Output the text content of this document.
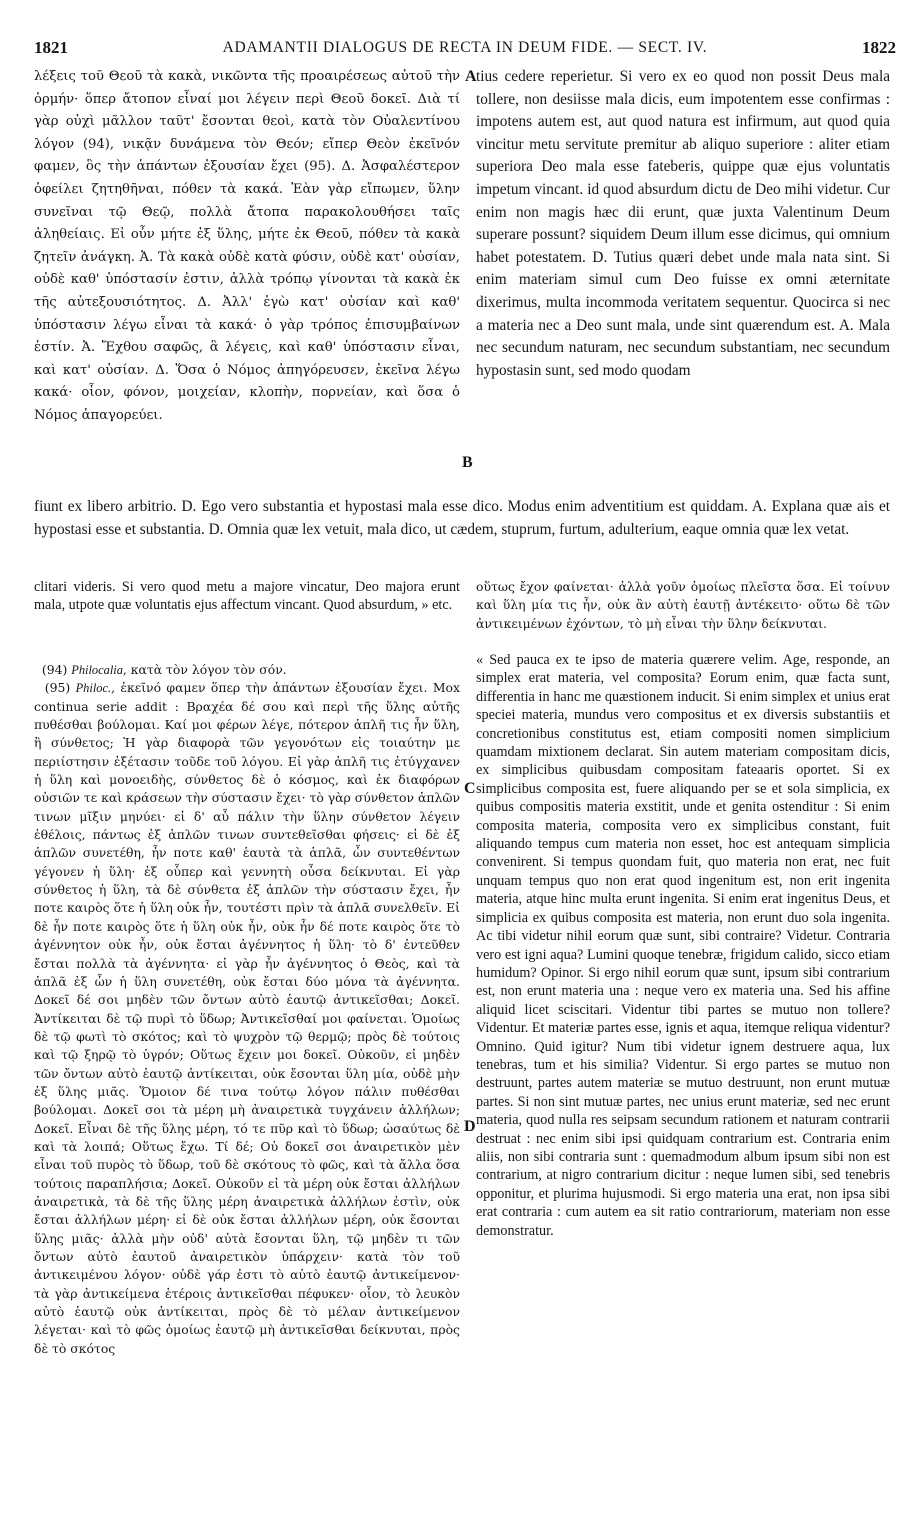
1821	ADAMANTII DIALOGUS DE RECTA IN DEUM FIDE. — SECT. IV.	1822
A
B
C
D
λέξεις τοῦ Θεοῦ τὰ κακὰ, νικῶντα τῆς προαιρέσεως αὐτοῦ τὴν ὁρμήν· ὅπερ ἄτοπον εἶναί μοι λέγειν περὶ Θεοῦ δοκεῖ. Διὰ τί γὰρ οὐχὶ μᾶλλον ταῦτ' ἔσονται θεοὶ, κατὰ τὸν Οὐαλεντίνου λόγον (94), νικᾷν δυνάμενα τὸν Θεόν; εἴπερ Θεὸν ἐκεῖνόν φαμεν, ὃς τὴν ἁπάντων ἐξουσίαν ἔχει (95). Δ. Ἀσφαλέστερον ὀφείλει ζητηθῆναι, πόθεν τὰ κακά. Ἐὰν γὰρ εἴπωμεν, ὕλην συνεῖναι τῷ Θεῷ, πολλὰ ἄτοπα παρακολουθήσει ταῖς ἀληθείαις. Εἰ οὖν μήτε ἐξ ὕλης, μήτε ἐκ Θεοῦ, πόθεν τὰ κακὰ ζητεῖν ἀνάγκη. Ἀ. Τὰ κακὰ οὐδὲ κατὰ φύσιν, οὐδὲ κατ' οὐσίαν, οὐδὲ καθ' ὑπόστασίν ἐστιν, ἀλλὰ τρόπῳ γίνονται τὰ κακὰ ἐκ τῆς αὐτεξουσιότητος. Δ. Ἀλλ' ἐγὼ κατ' οὐσίαν καὶ καθ' ὑπόστασιν λέγω εἶναι τὰ κακά· ὁ γὰρ τρόπος ἐπισυμβαίνων ἐστίν. Ἀ. Ἔχθου σαφῶς, ἃ λέγεις, καὶ καθ' ὑπόστασιν εἶναι, καὶ κατ' οὐσίαν. Δ. Ὅσα ὁ Νόμος ἀπηγόρευσεν, ἐκεῖνα λέγω κακά· οἷον, φόνον, μοιχείαν, κλοπὴν, πορνείαν, καὶ ὅσα ὁ Νόμος ἀπαγορεύει.
tius cedere reperietur. Si vero ex eo quod non possit Deus mala tollere, non desiisse mala dicis, eum impotentem esse confirmas : impotens autem est, aut quod natura est infirmum, aut quod quia vincitur metu servitute premitur ab aliquo superiore : aliter etiam superiora Deo mala esse fateberis, quippe quæ ejus voluntatis impetum vincant. id quod absurdum dictu de Deo mihi videtur. Cur enim non magis hæc dii erunt, quæ juxta Valentinum Deum superare possunt? siquidem Deum illum esse dicimus, qui omnium habet potestatem. D. Tutius quæri debet unde mala nata sint. Si enim materiam simul cum Deo fuisse ex omni æternitate dixerimus, multa incommoda veritatem sequentur. Quocirca si nec a materia nec a Deo sunt mala, unde sint quærendum est. A. Mala nec secundum naturam, nec secundum substantiam, nec secundum hypostasin sunt, sed modo quodam
fiunt ex libero arbitrio. D. Ego vero substantia et hypostasi mala esse dico. Modus enim adventitium est quiddam. A. Explana quæ ais et hypostasi esse et substantia. D. Omnia quæ lex vetuit, mala dico, ut cædem, stuprum, furtum, adulterium, eaque omnia quæ lex vetat.
clitari videris. Si vero quod metu a majore vincatur, Deo majora erunt mala, utpote quæ voluntatis ejus affectum vincant. Quod absurdum, » etc.
(94) Philocalia, κατὰ τὸν λόγον τὸν σόν.
(95) Philoc., ἐκεῖνό φαμεν ὅπερ τὴν ἁπάντων ἐξουσίαν ἔχει. Mox continua serie addit : Βραχέα δέ σου καὶ περὶ τῆς ὕλης αὐτῆς πυθέσθαι βούλομαι. Καί μοι φέρων λέγε, πότερον ἁπλῆ τις ἦν ὕλη, ἢ σύνθετος; Ἡ γὰρ διαφορὰ τῶν γεγονότων εἰς τοιαύτην με περιίστησιν ἐξέτασιν τοῦδε τοῦ λόγου. Εἰ γὰρ ἁπλῆ τις ἐτύγχανεν ἡ ὕλη καὶ μονοειδὴς, σύνθετος δὲ ὁ κόσμος, καὶ ἐκ διαφόρων οὐσιῶν τε καὶ κράσεων τὴν σύστασιν ἔχει· τὸ γὰρ σύνθετον ἁπλῶν τινων μῖξιν μηνύει· εἰ δ' αὖ πάλιν τὴν ὕλην σύνθετον λέγειν ἐθέλοις, πάντως ἐξ ἁπλῶν τινων συντεθεῖσθαι φήσεις· εἰ δὲ ἐξ ἁπλῶν συνετέθη, ἦν ποτε καθ' ἑαυτὰ τὰ ἁπλᾶ, ὧν συντεθέντων γέγονεν ἡ ὕλη· ἐξ οὗπερ καὶ γεννητὴ οὖσα δείκνυται. Εἰ γὰρ σύνθετος ἡ ὕλη, τὰ δὲ σύνθετα ἐξ ἁπλῶν τὴν σύστασιν ἔχει, ἦν ποτε καιρὸς ὅτε ἡ ὕλη οὐκ ἦν, τουτέστι πρὶν τὰ ἁπλᾶ συνελθεῖν. Εἰ δὲ ἦν ποτε καιρὸς ὅτε ἡ ὕλη οὐκ ἦν, οὐκ ἦν δέ ποτε καιρὸς ὅτε τὸ ἀγέννητον οὐκ ἦν, οὐκ ἔσται ἀγέννητος ἡ ὕλη· τὸ δ' ἐντεῦθεν ἔσται πολλὰ τὰ ἀγέννητα· εἰ γὰρ ἦν ἀγέννητος ὁ Θεὸς, καὶ τὰ ἁπλᾶ ἐξ ὧν ἡ ὕλη συνετέθη, οὐκ ἔσται δύο μόνα τὰ ἀγέννητα. Δοκεῖ δέ σοι μηδὲν τῶν ὄντων αὐτὸ ἑαυτῷ ἀντικεῖσθαι; Δοκεῖ. Ἀντίκειται δὲ τῷ πυρὶ τὸ ὕδωρ; Ἀντικεῖσθαί μοι φαίνεται. Ὁμοίως δὲ τῷ φωτὶ τὸ σκότος; καὶ τὸ ψυχρὸν τῷ θερμῷ; πρὸς δὲ τούτοις καὶ τῷ ξηρῷ τὸ ὑγρόν; Οὕτως ἔχειν μοι δοκεῖ. Οὐκοῦν, εἰ μηδὲν τῶν ὄντων αὐτὸ ἑαυτῷ ἀντίκειται, οὐκ ἔσονται ὕλη μία, οὐδὲ μὴν ἐξ ὕλης μιᾶς. Ὅμοιον δέ τινα τούτῳ λόγον πάλιν πυθέσθαι βούλομαι. Δοκεῖ σοι τὰ μέρη μὴ ἀναιρετικὰ τυγχάνειν ἀλλήλων; Δοκεῖ. Εἶναι δὲ τῆς ὕλης μέρη, τό τε πῦρ καὶ τὸ ὕδωρ; ὡσαύτως δὲ καὶ τὰ λοιπά; Οὕτως ἔχω. Τί δέ; Οὐ δοκεῖ σοι ἀναιρετικὸν μὲν εἶναι τοῦ πυρὸς τὸ ὕδωρ, τοῦ δὲ σκότους τὸ φῶς, καὶ τὰ ἄλλα ὅσα τούτοις παραπλήσια; Δοκεῖ. Οὐκοῦν εἰ τὰ μέρη οὐκ ἔσται ἀλλήλων ἀναιρετικὰ, τὰ δὲ τῆς ὕλης μέρη ἀναιρετικὰ ἀλλήλων ἐστὶν, οὐκ ἔσται ἀλλήλων μέρη· εἰ δὲ οὐκ ἔσται ἀλλήλων μέρη, οὐκ ἔσονται ὕλης μιᾶς· ἀλλὰ μὴν οὐδ' αὐτὰ ἔσονται ὕλη, τῷ μηδὲν τι τῶν ὄντων αὐτὸ ἑαυτοῦ ἀναιρετικὸν ὑπάρχειν· κατὰ τὸν τοῦ ἀντικειμένου λόγον· οὐδὲ γάρ ἐστι τὸ αὐτὸ ἑαυτῷ ἀντικείμενον· τὰ γὰρ ἀντικείμενα ἑτέροις ἀντικεῖσθαι πέφυκεν· οἷον, τὸ λευκὸν αὐτὸ ἑαυτῷ οὐκ ἀντίκειται, πρὸς δὲ τὸ μέλαν ἀντικείμενον λέγεται· καὶ τὸ φῶς ὁμοίως ἑαυτῷ μὴ ἀντικεῖσθαι δείκνυται, πρὸς δὲ τὸ σκότος
οὕτως ἔχον φαίνεται· ἀλλὰ γοῦν ὁμοίως πλεῖστα ὅσα. Εἰ τοίνυν καὶ ὕλη μία τις ἦν, οὐκ ἂν αὐτὴ ἑαυτῇ ἀντέκειτο· οὕτω δὲ τῶν ἀντικειμένων ἐχόντων, τὸ μὴ εἶναι τὴν ὕλην δείκνυται.
« Sed pauca ex te ipso de materia quærere velim. Age, responde, an simplex erat materia, vel composita? Eorum enim, quæ facta sunt, differentia in hanc me quæstionem inducit. Si enim simplex et unius erat speciei materia, mundus vero compositus et ex diversis substantiis et concretionibus constitutus est, etiam compositi nomen simplicium quamdam mixtionem declarat. Sin autem materiam compositam dicis, ex simplicibus quibusdam compositam fateaaris oportet. Si ex simplicibus composita est, fuere aliquando per se et sola simplicia, ex quibus compositis materia exstitit, unde et genita ostenditur : Si enim composita materia, composita vero ex simplicibus constant, fuit aliquando tempus cum materia non esset, hoc est antequam simplicia convenirent. Si tempus quondam fuit, quo materia non erat, nec fuit unquam tempus quo non erat quod ingenitum est, non erit ingenita materia, atque hinc multa erunt ingenita. Si enim erat ingenitus Deus, et simplicia ex quibus composita est materia, non erunt duo sola ingenita. Ac tibi videtur nihil eorum quæ sunt, sibi contraire? Videtur. Contraria vero est igni aqua? Lumini quoque tenebræ, frigidum calido, sicco etiam humidum? Opinor. Si ergo nihil eorum quæ sunt, ipsum sibi contrarium est, non erunt materia una : neque vero ex materia una. Sed his affine aliquid licet sciscitari. Videntur tibi partes se mutuo non tollere? Videntur. Et materiæ partes esse, ignis et aqua, itemque reliqua videntur? Omnino. Quid igitur? Num tibi videtur ignem destruere aqua, lux tenebras, tum et his similia? Videntur. Si ergo partes se mutuo non destruunt, partes autem materiæ se mutuo destruunt, non erunt mutuæ partes. Si non sint mutuæ partes, nec unius erunt materiæ, sed nec erunt materia, quod nulla res seipsam secundum rationem et naturam contrarii destruat : nec enim sibi ipsi quidquam contrarium est. Contraria enim aliis, non sibi contraria sunt : quemadmodum album ipsum sibi non est contrarium, at nigro contrarium dicitur : neque lumen sibi, sed tenebris opponitur, et plurima hujusmodi. Si ergo materia una erat, non ipsa sibi erat contraria : cum autem ea sit ratio contrariorum, materiam non esse demonstratur.
